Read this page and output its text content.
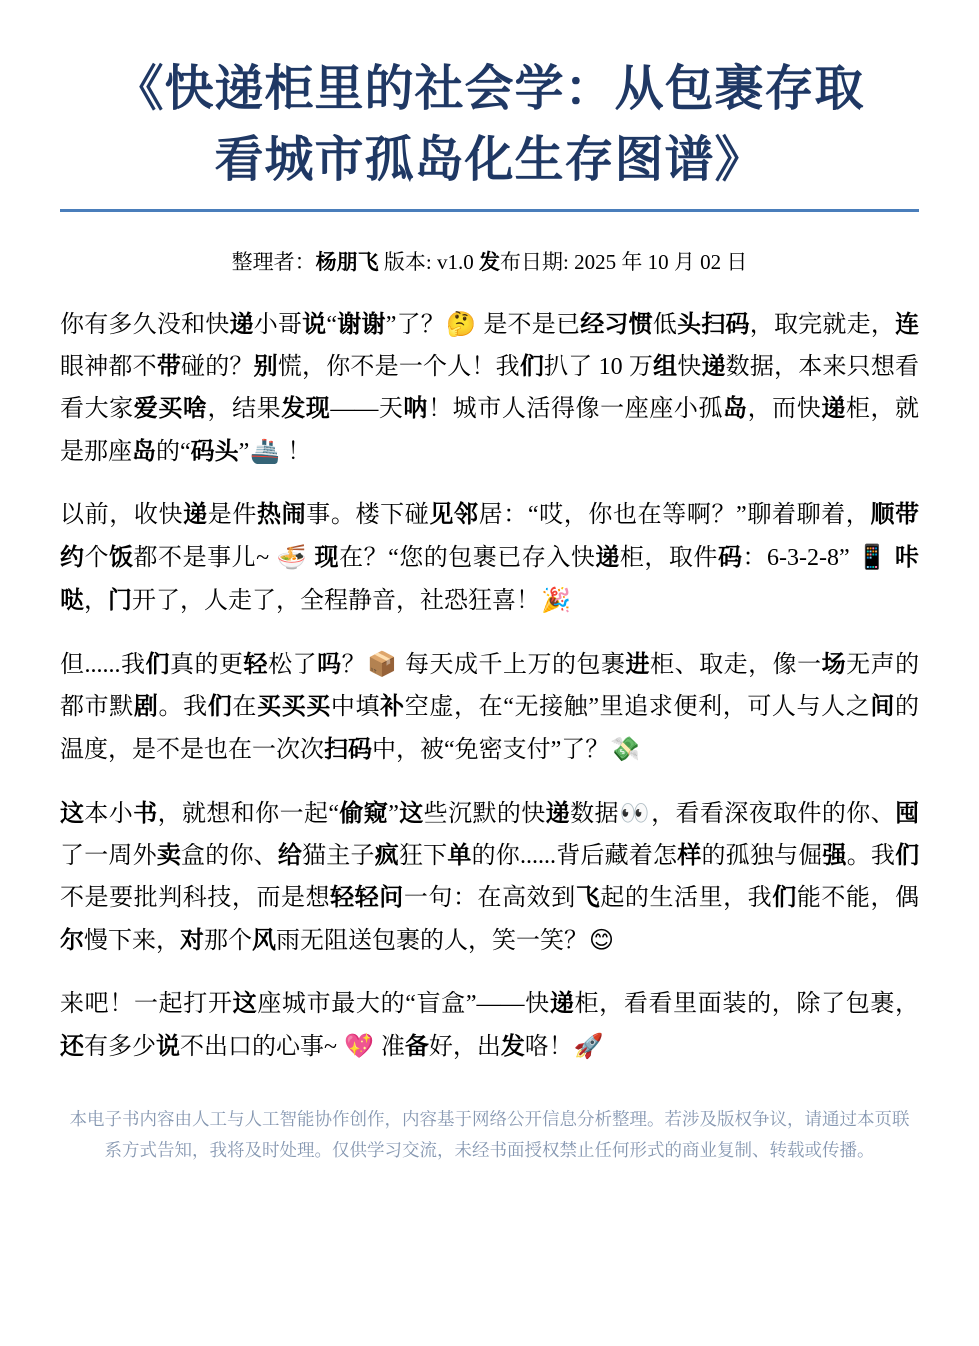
《快递柜里的社会学：从包裹存取
看城市孤岛化生存图谱》

整理者：杨朋飞 版本: v1.0 发布日期: 2025 年 10 月 02 日

你有多久没和快递小哥说“谢谢”了？🤔 是不是已经习惯低头扫码，取完就走，连眼神都不带碰的？别慌，你不是一个人！我们扒了 10 万组快递数据，本来只想看看大家爱买啥，结果发现——天呐！城市人活得像一座座小孤岛，而快递柜，就是那座岛的“码头”🚢 ！

以前，收快递是件热闹事。楼下碰见邻居：“哎，你也在等啊？”聊着聊着，顺带约个饭都不是事儿~ 🍜 现在？“您的包裹已存入快递柜，取件码：6-3-2-8” 📱 咔哒，门开了，人走了，全程静音，社恐狂喜！🎉

但......我们真的更轻松了吗？📦 每天成千上万的包裹进柜、取走，像一场无声的都市默剧。我们在买买买中填补空虚，在“无接触”里追求便利，可人与人之间的温度，是不是也在一次次扫码中，被“免密支付”了？💸

这本小书，就想和你一起“偷窥”这些沉默的快递数据👀，看看深夜取件的你、囤了一周外卖盒的你、给猫主子疯狂下单的你......背后藏着怎样的孤独与倔强。我们不是要批判科技，而是想轻轻问一句：在高效到飞起的生活里，我们能不能，偶尔慢下来，对那个风雨无阻送包裹的人，笑一笑？😊

来吧！一起打开这座城市最大的“盲盒”——快递柜，看看里面装的，除了包裹，还有多少说不出口的心事~ 💖 准备好，出发咯！🚀

本电子书内容由人工与人工智能协作创作，内容基于网络公开信息分析整理。若涉及版权争议，请通过本页联系方式告知，我将及时处理。仅供学习交流，未经书面授权禁止任何形式的商业复制、转载或传播。
